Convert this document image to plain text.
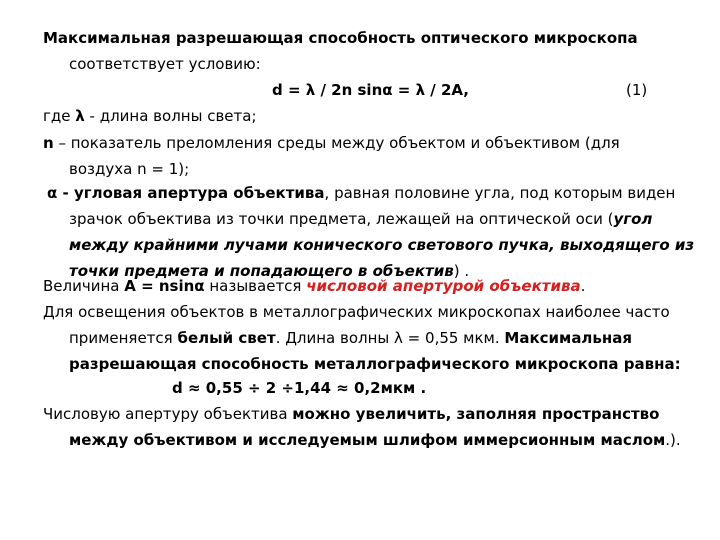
Максимальная разрешающая способность оптического микроскопа
соответствует условию:
d = λ / 2n sinα = λ / 2A,	(1)
где λ - длина волны света;
n – показатель преломления среды между объектом и объективом (для
воздуха n = 1);
α - угловая апертура объектива, равная половине угла, под которым виден
зрачок объектива из точки предмета, лежащей на оптической оси (угол
между крайними лучами конического светового пучка, выходящего из
точки предмета и попадающего в объектив) .
Величина A = nsinα называется числовой апертурой объектива.
Для освещения объектов в металлографических микроскопах наиболее часто
применяется белый свет. Длина волны λ = 0,55 мкм. Максимальная
разрешающая способность металлографического микроскопа равна:
d ≈ 0,55 ÷ 2 ÷1,44 ≈ 0,2мкм .
Числовую апертуру объектива можно увеличить, заполняя пространство
между объективом и исследуемым шлифом иммерсионным маслом.).
